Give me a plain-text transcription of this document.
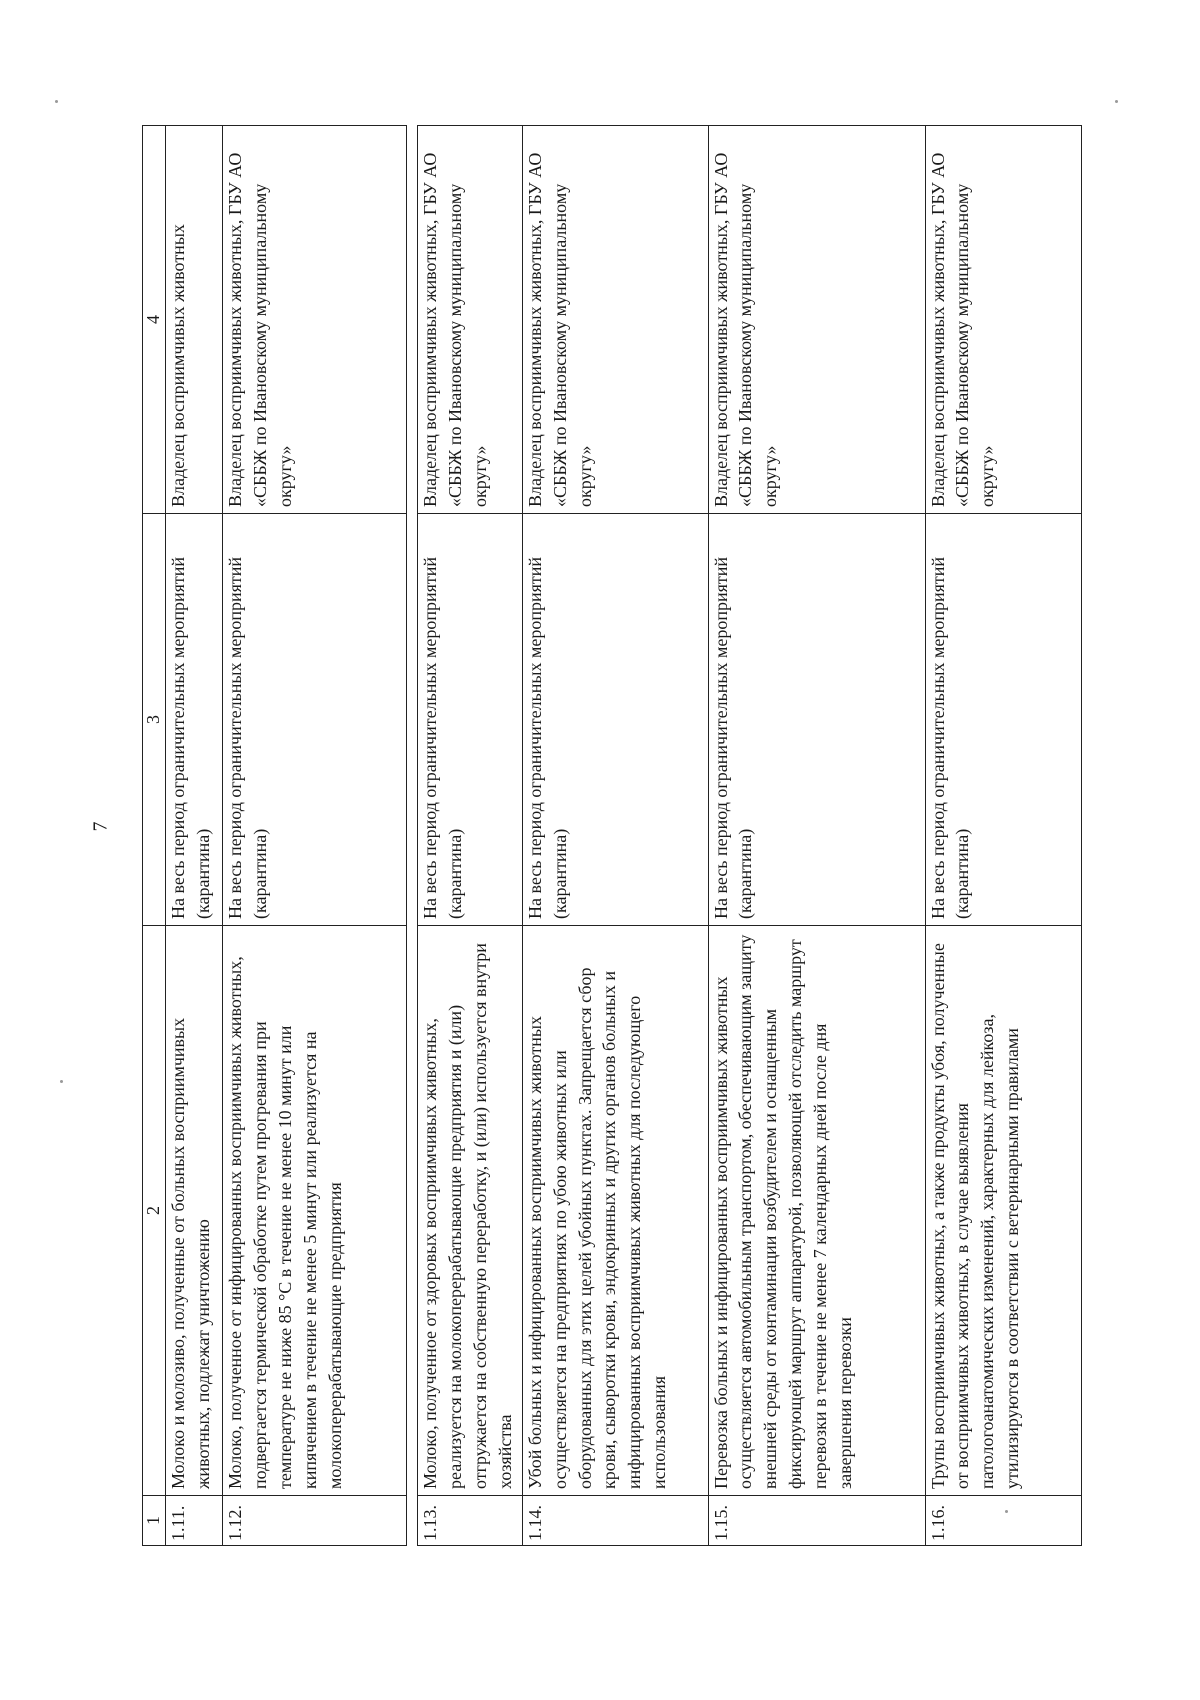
7
1	2	3	4
1.11.	Молоко и молозиво, полученные от больных восприимчивых животных, подлежат уничтожению	На весь период ограничительных мероприятий (карантина)	Владелец восприимчивых животных
1.12.	Молоко, полученное от инфицированных восприимчивых животных, подвергается термической обработке путем прогревания при температуре не ниже 85 °С в течение не менее 10 минут или кипячением в течение не менее 5 минут или реализуется на молокоперерабатывающие предприятия	На весь период ограничительных мероприятий (карантина)	Владелец восприимчивых животных, ГБУ АО «СББЖ по Ивановскому муниципальному округу»

1.13.	Молоко, полученное от здоровых восприимчивых животных, реализуется на молокоперерабатывающие предприятия и (или) отгружается на собственную переработку, и (или) используется внутри хозяйства	На весь период ограничительных мероприятий (карантина)	Владелец восприимчивых животных, ГБУ АО «СББЖ по Ивановскому муниципальному округу»
1.14.	Убой больных и инфицированных восприимчивых животных осуществляется на предприятиях по убою животных или оборудованных для этих целей убойных пунктах. Запрещается сбор крови, сыворотки крови, эндокринных и других органов больных и инфицированных восприимчивых животных для последующего использования	На весь период ограничительных мероприятий (карантина)	Владелец восприимчивых животных, ГБУ АО «СББЖ по Ивановскому муниципальному округу»
1.15.	Перевозка больных и инфицированных восприимчивых животных осуществляется автомобильным транспортом, обеспечивающим защиту внешней среды от контаминации возбудителем и оснащенным фиксирующей маршрут аппаратурой, позволяющей отследить маршрут перевозки в течение не менее 7 календарных дней после дня завершения перевозки	На весь период ограничительных мероприятий (карантина)	Владелец восприимчивых животных, ГБУ АО «СББЖ по Ивановскому муниципальному округу»
1.16.	Трупы восприимчивых животных, а также продукты убоя, полученные от восприимчивых животных, в случае выявления патологоанатомических изменений, характерных для лейкоза, утилизируются в соответствии с ветеринарными правилами	На весь период ограничительных мероприятий (карантина)	Владелец восприимчивых животных, ГБУ АО «СББЖ по Ивановскому муниципальному округу»
